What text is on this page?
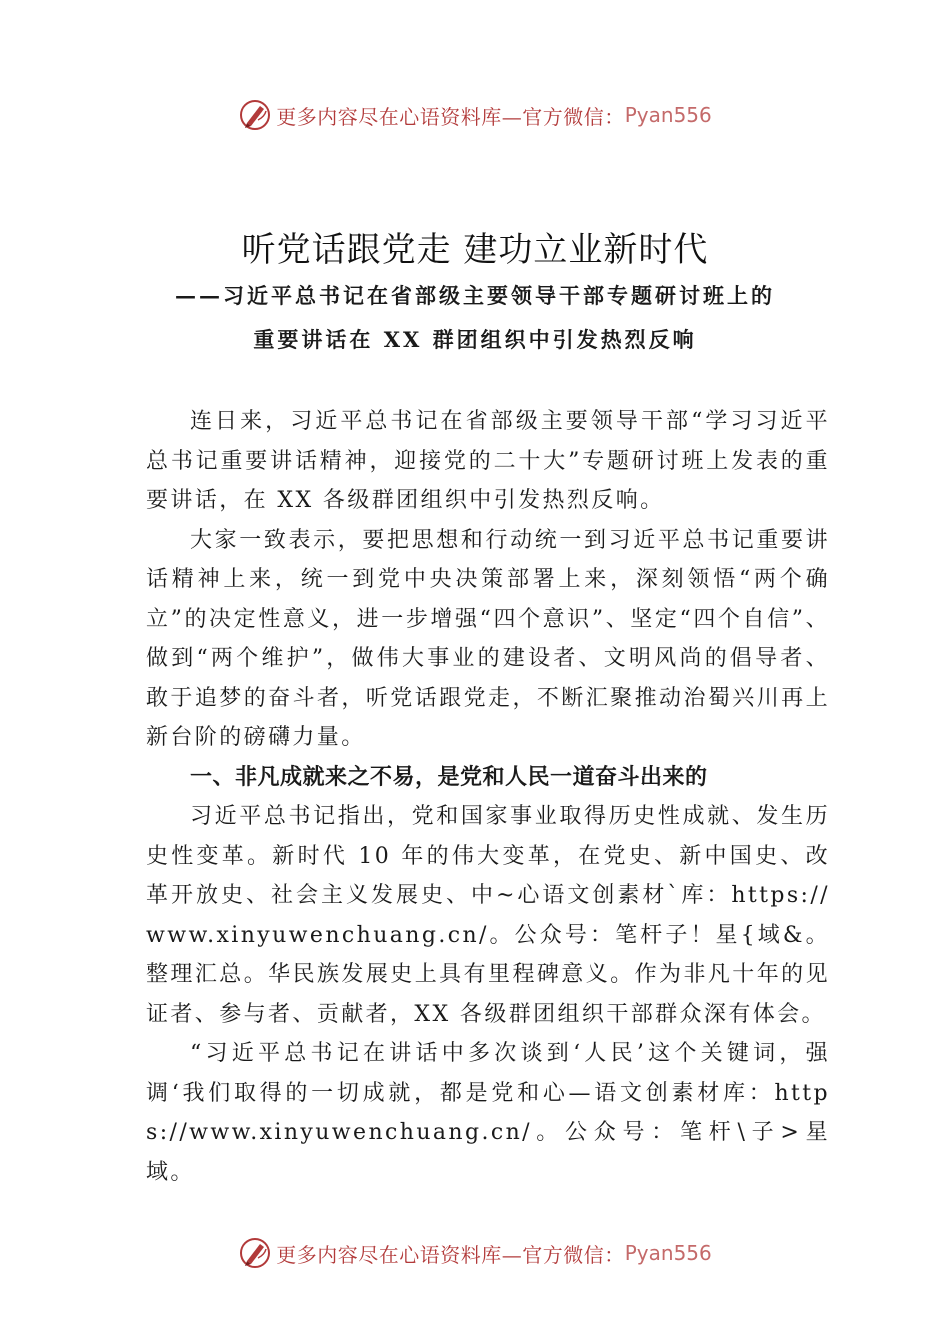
更多内容尽在心语资料库—官方微信： Pyan556
听党话跟党走 建功立业新时代
——习近平总书记在省部级主要领导干部专题研讨班上的
重要讲话在 XX 群团组织中引发热烈反响

连日来，习近平总书记在省部级主要领导干部“学习习近平总书记重要讲话精神，迎接党的二十大”专题研讨班上发表的重要讲话，在 XX 各级群团组织中引发热烈反响。

大家一致表示，要把思想和行动统一到习近平总书记重要讲话精神上来，统一到党中央决策部署上来，深刻领悟“两个确立”的决定性意义，进一步增强“四个意识”、坚定“四个自信”、做到“两个维护”，做伟大事业的建设者、文明风尚的倡导者、敢于追梦的奋斗者，听党话跟党走，不断汇聚推动治蜀兴川再上新台阶的磅礴力量。

一、非凡成就来之不易，是党和人民一道奋斗出来的

习近平总书记指出，党和国家事业取得历史性成就、发生历史性变革。新时代 10 年的伟大变革，在党史、新中国史、改革开放史、社会主义发展史、中~心语文创素材`库：https://www.xinyuwenchuang.cn/。公众号：笔杆子！星{域&。整理汇总。华民族发展史上具有里程碑意义。作为非凡十年的见证者、参与者、贡献者，XX 各级群团组织干部群众深有体会。

“习近平总书记在讲话中多次谈到‘人民’这个关键词，强调‘我们取得的一切成就，都是党和心—语文创素材库：https://www.xinyuwenchuang.cn/。公众号：笔杆\子>星域。

更多内容尽在心语资料库—官方微信： Pyan556
